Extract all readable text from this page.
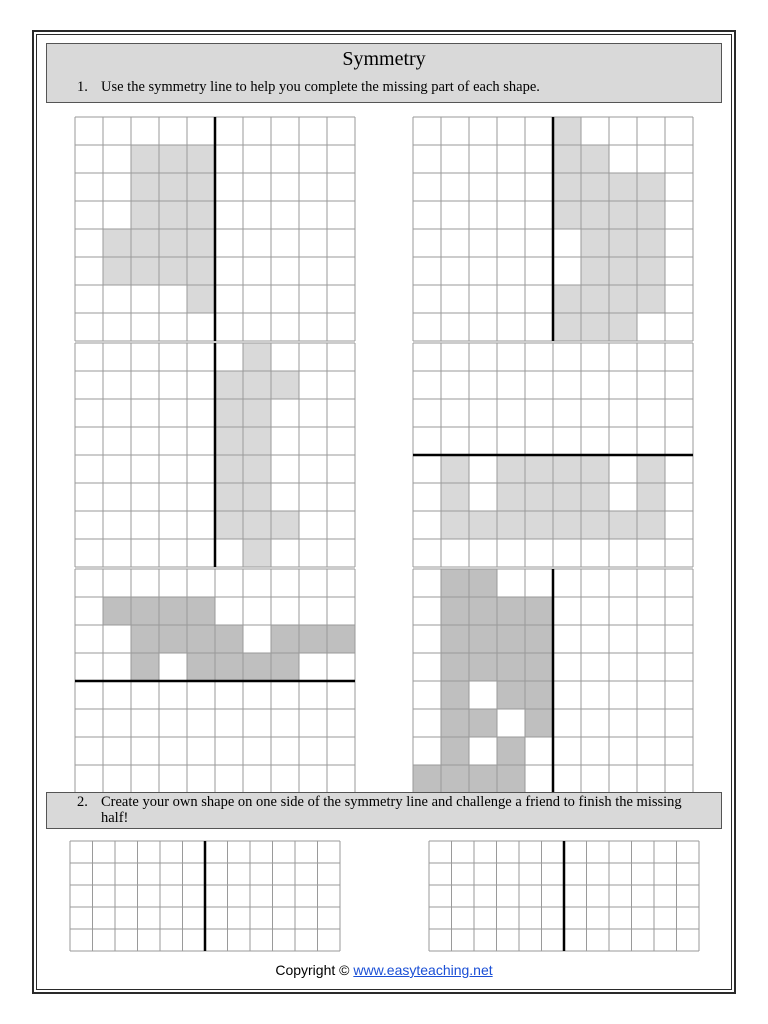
Symmetry
1. Use the symmetry line to help you complete the missing part of each shape.
2. Create your own shape on one side of the symmetry line and challenge a friend to finish the missing half!
Copyright © www.easyteaching.net
